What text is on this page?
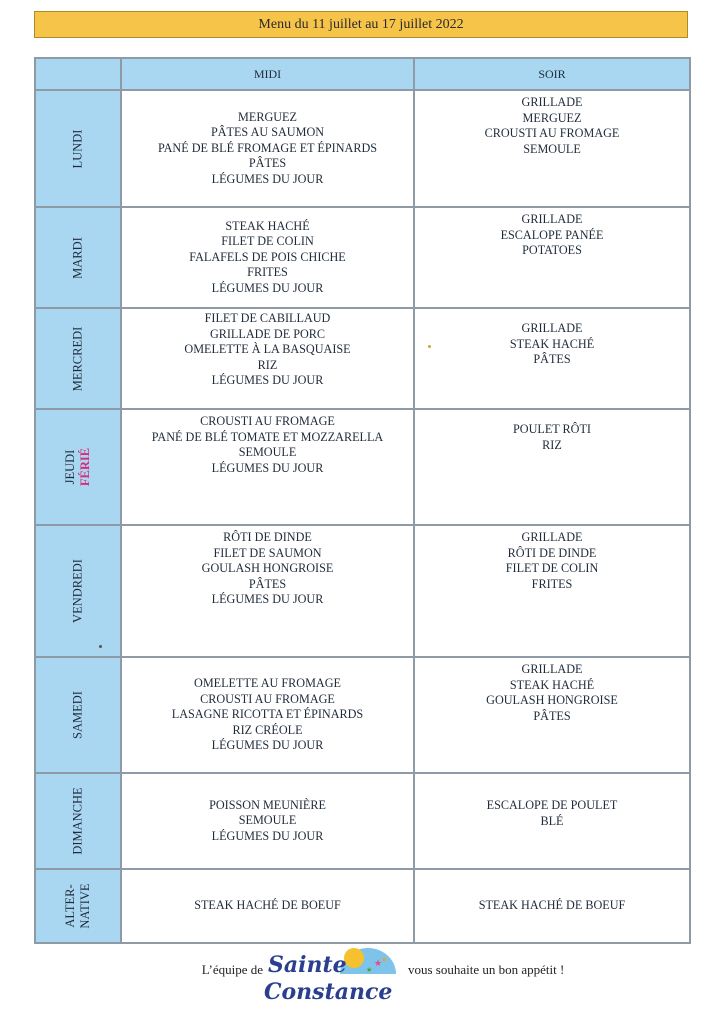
Menu du 11 juillet au 17 juillet 2022
	MIDI	SOIR

LUNDI	MERGUEZ
PÂTES AU SAUMON
PANÉ DE BLÉ FROMAGE ET ÉPINARDS
PÂTES
LÉGUMES DU JOUR	GRILLADE
MERGUEZ
CROUSTI AU FROMAGE
SEMOULE

MARDI	STEAK HACHÉ
FILET DE COLIN
FALAFELS DE POIS CHICHE
FRITES
LÉGUMES DU JOUR	GRILLADE
ESCALOPE PANÉE
POTATOES

MERCREDI	FILET DE CABILLAUD
GRILLADE DE PORC
OMELETTE À LA BASQUAISE
RIZ
LÉGUMES DU JOUR	GRILLADE
STEAK HACHÉ
PÂTES

JEUDI FÉRIÉ	CROUSTI AU FROMAGE
PANÉ DE BLÉ TOMATE ET MOZZARELLA
SEMOULE
LÉGUMES DU JOUR	POULET RÔTI
RIZ

VENDREDI	RÔTI DE DINDE
FILET DE SAUMON
GOULASH HONGROISE
PÂTES
LÉGUMES DU JOUR	GRILLADE
RÔTI DE DINDE
FILET DE COLIN
FRITES

SAMEDI	OMELETTE AU FROMAGE
CROUSTI AU FROMAGE
LASAGNE RICOTTA ET ÉPINARDS
RIZ CRÉOLE
LÉGUMES DU JOUR	GRILLADE
STEAK HACHÉ
GOULASH HONGROISE
PÂTES

DIMANCHE	POISSON MEUNIÈRE
SEMOULE
LÉGUMES DU JOUR	ESCALOPE DE POULET
BLÉ

ALTER- NATIVE	STEAK HACHÉ DE BOEUF	STEAK HACHÉ DE BOEUF
L’équipe de	★
★
★
Sainte
Constance
vous souhaite un bon appétit !
